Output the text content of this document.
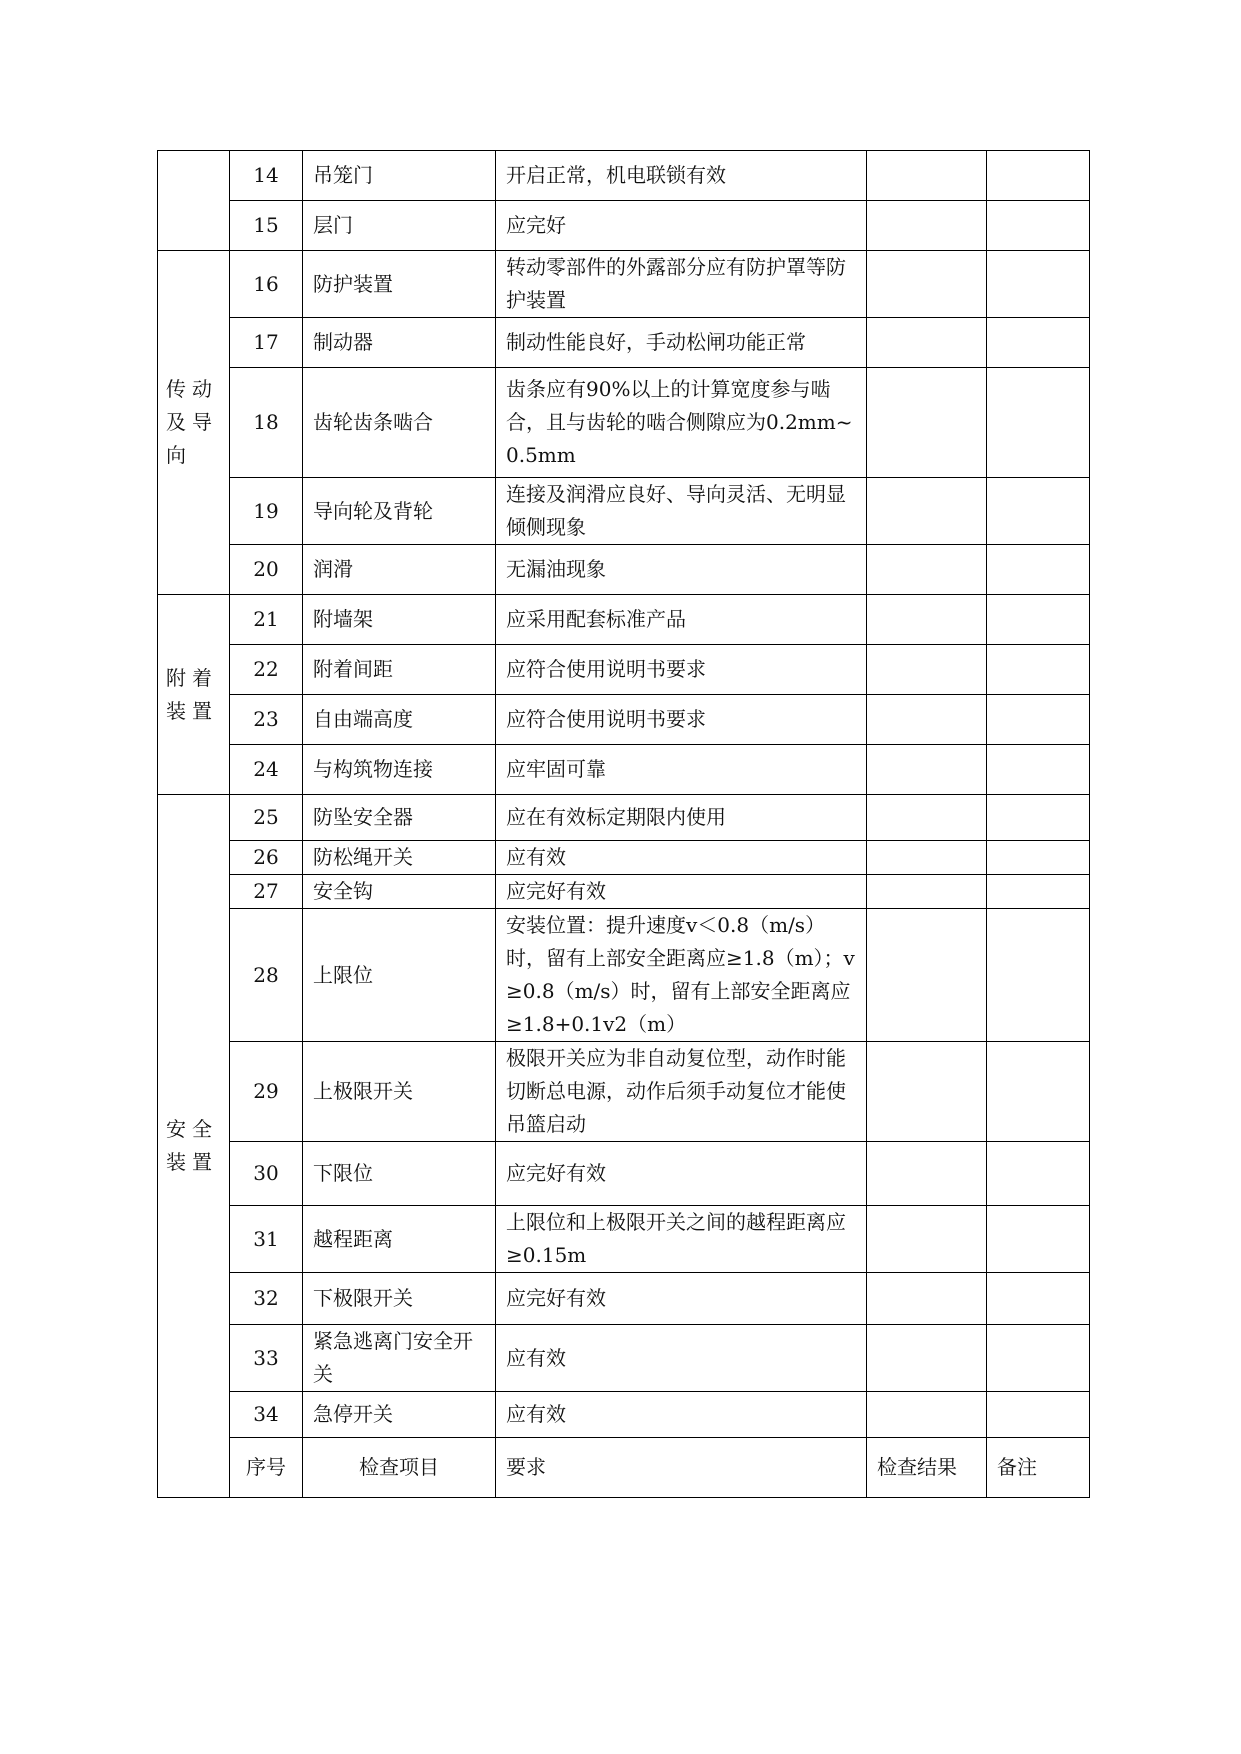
	14	吊笼门	开启正常，机电联锁有效		
	15	层门	应完好		
传动及导向	16	防护装置	转动零部件的外露部分应有防护罩等防护装置		
	17	制动器	制动性能良好，手动松闸功能正常		
	18	齿轮齿条啮合	齿条应有90%以上的计算宽度参与啮合，且与齿轮的啮合侧隙应为0.2mm~0.5mm		
	19	导向轮及背轮	连接及润滑应良好、导向灵活、无明显倾侧现象		
	20	润滑	无漏油现象		
附着装置	21	附墙架	应采用配套标准产品		
	22	附着间距	应符合使用说明书要求		
	23	自由端高度	应符合使用说明书要求		
	24	与构筑物连接	应牢固可靠		
安全装置	25	防坠安全器	应在有效标定期限内使用		
	26	防松绳开关	应有效		
	27	安全钩	应完好有效		
	28	上限位	安装位置：提升速度v＜0.8（m/s）时，留有上部安全距离应≥1.8（m）；v≥0.8（m/s）时，留有上部安全距离应≥1.8+0.1v2（m）		
	29	上极限开关	极限开关应为非自动复位型，动作时能切断总电源，动作后须手动复位才能使吊篮启动		
	30	下限位	应完好有效		
	31	越程距离	上限位和上极限开关之间的越程距离应≥0.15m		
	32	下极限开关	应完好有效		
	33	紧急逃离门安全开关	应有效		
	34	急停开关	应有效		
	序号	检查项目	要求	检查结果	备注
